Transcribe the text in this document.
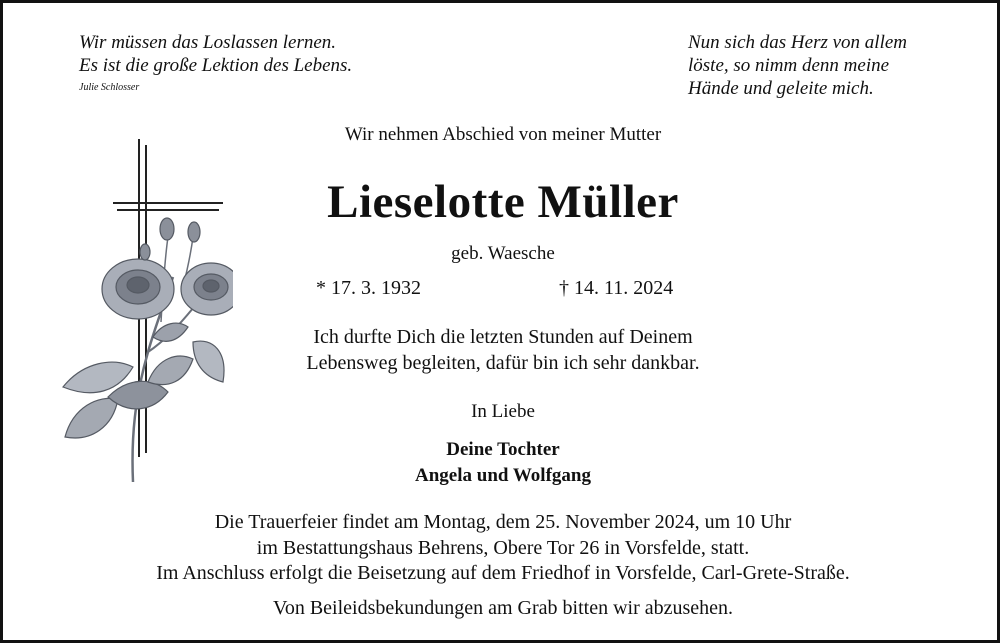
Wir müssen das Loslassen lernen.
Es ist die große Lektion des Lebens.
Julie Schlosser
Nun sich das Herz von allem
löste, so nimm denn meine
Hände und geleite mich.
Wir nehmen Abschied von meiner Mutter
Lieselotte Müller
geb. Waesche
* 17. 3. 1932	† 14. 11. 2024
Ich durfte Dich die letzten Stunden auf Deinem
Lebensweg begleiten, dafür bin ich sehr dankbar.
In Liebe
Deine Tochter
Angela und Wolfgang
Die Trauerfeier findet am Montag, dem 25. November 2024, um 10 Uhr
im Bestattungshaus Behrens, Obere Tor 26 in Vorsfelde, statt.
Im Anschluss erfolgt die Beisetzung auf dem Friedhof in Vorsfelde, Carl-Grete-Straße.
Von Beileidsbekundungen am Grab bitten wir abzusehen.
